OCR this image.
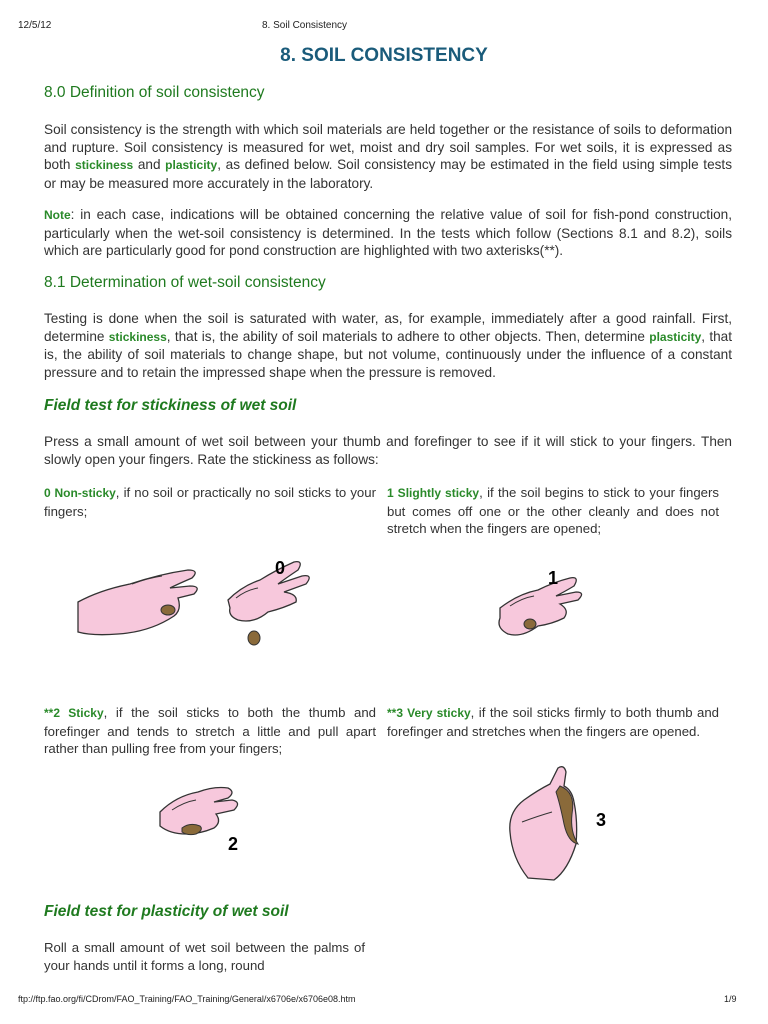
12/5/12	8. Soil Consistency
8. SOIL CONSISTENCY
8.0 Definition of soil consistency

Soil consistency is the strength with which soil materials are held together or the resistance of soils to deformation and rupture. Soil consistency is measured for wet, moist and dry soil samples. For wet soils, it is expressed as both stickiness and plasticity, as defined below. Soil consistency may be estimated in the field using simple tests or may be measured more accurately in the laboratory.

Note: in each case, indications will be obtained concerning the relative value of soil for fish-pond construction, particularly when the wet-soil consistency is determined. In the tests which follow (Sections 8.1 and 8.2), soils which are particularly good for pond construction are highlighted with two axterisks(**).

8.1 Determination of wet-soil consistency

Testing is done when the soil is saturated with water, as, for example, immediately after a good rainfall. First, determine stickiness, that is, the ability of soil materials to adhere to other objects. Then, determine plasticity, that is, the ability of soil materials to change shape, but not volume, continuously under the influence of a constant pressure and to retain the impressed shape when the pressure is removed.

Field test for stickiness of wet soil

Press a small amount of wet soil between your thumb and forefinger to see if it will stick to your fingers. Then slowly open your fingers. Rate the stickiness as follows:

0 Non-sticky, if no soil or practically no soil sticks to your fingers;

1 Slightly sticky, if the soil begins to stick to your fingers but comes off one or the other cleanly and does not stretch when the fingers are opened;

0	1

**2 Sticky, if the soil sticks to both the thumb and forefinger and tends to stretch a little and pull apart rather than pulling free from your fingers;

**3 Very sticky, if the soil sticks firmly to both thumb and forefinger and stretches when the fingers are opened.

2
3
Field test for plasticity of wet soil

Roll a small amount of wet soil between the palms of your hands until it forms a long, round

ftp://ftp.fao.org/fi/CDrom/FAO_Training/FAO_Training/General/x6706e/x6706e08.htm	1/9
